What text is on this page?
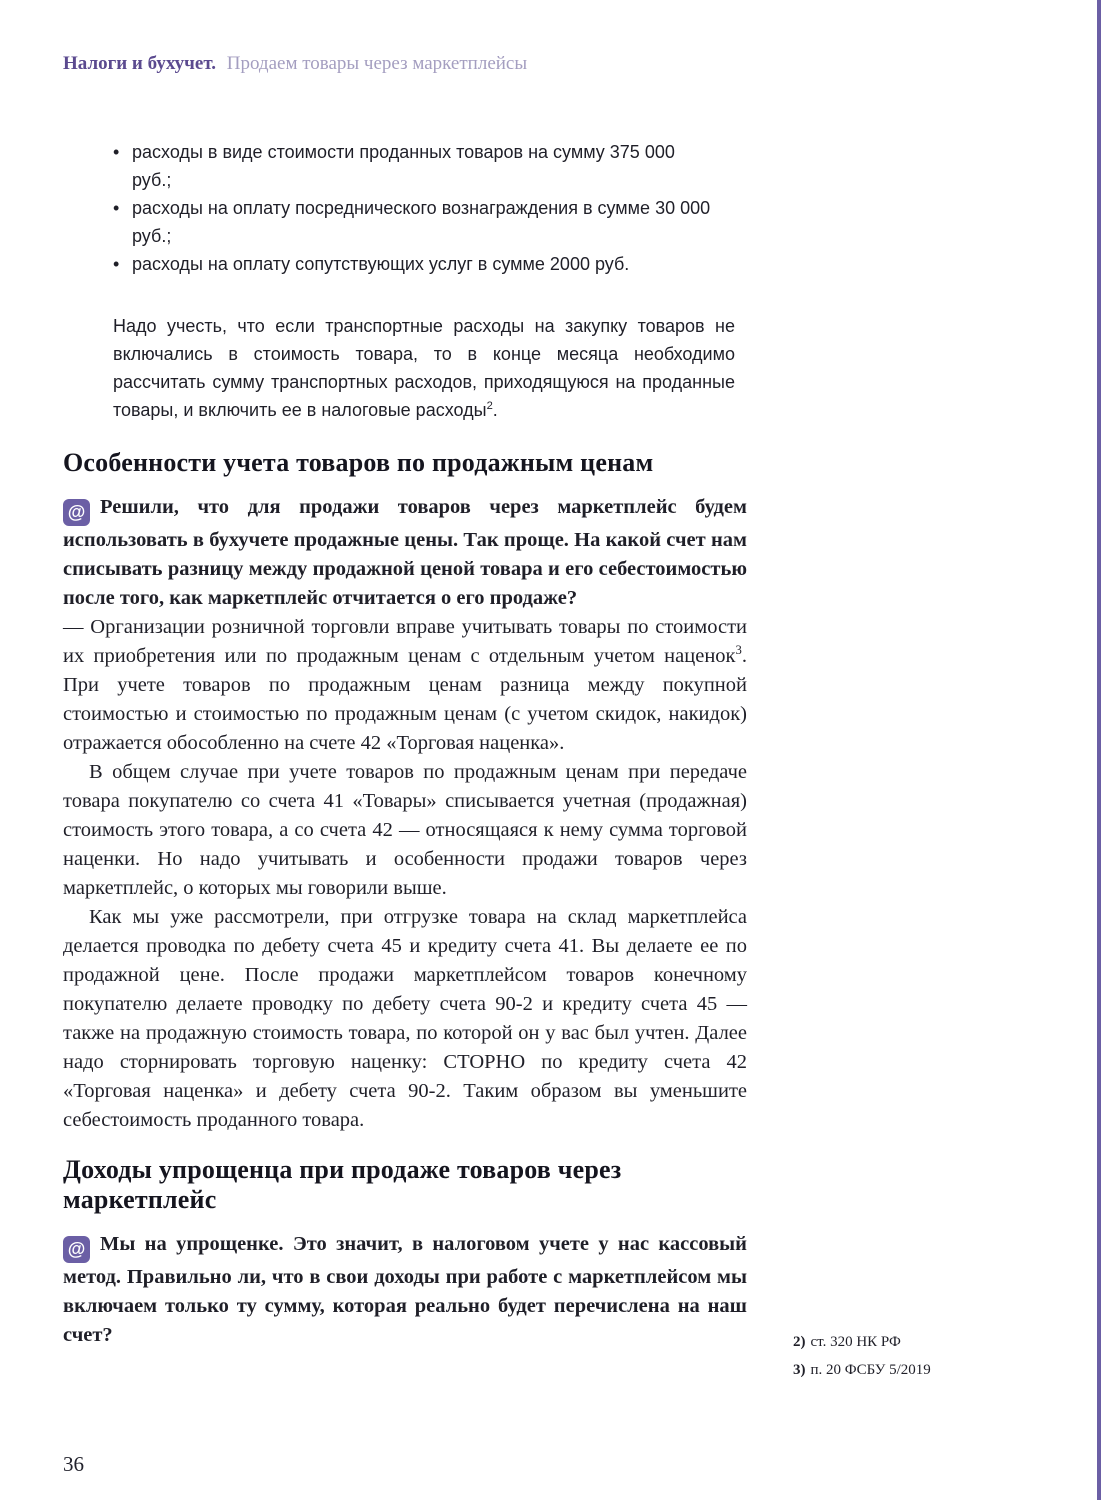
Налоги и бухучет. Продаем товары через маркетплейсы
• расходы в виде стоимости проданных товаров на сумму 375 000 руб.;
• расходы на оплату посреднического вознаграждения в сумме 30 000 руб.;
• расходы на оплату сопутствующих услуг в сумме 2000 руб.

Надо учесть, что если транспортные расходы на закупку товаров не включались в стоимость товара, то в конце месяца необходимо рассчитать сумму транспортных расходов, приходящуюся на проданные товары, и включить ее в налоговые расходы$^2$.

Особенности учета товаров по продажным ценам

@ Решили, что для продажи товаров через маркетплейс будем использовать в бухучете продажные цены. Так проще. На какой счет нам списывать разницу между продажной ценой товара и его себестоимостью после того, как маркетплейс отчитается о его продаже?

— Организации розничной торговли вправе учитывать товары по стоимости их приобретения или по продажным ценам с отдельным учетом наценок$^3$. При учете товаров по продажным ценам разница между покупной стоимостью и стоимостью по продажным ценам (с учетом скидок, накидок) отражается обособленно на счете 42 «Торговая наценка».

В общем случае при учете товаров по продажным ценам при передаче товара покупателю со счета 41 «Товары» списывается учетная (продажная) стоимость этого товара, а со счета 42 — относящаяся к нему сумма торговой наценки. Но надо учитывать и особенности продажи товаров через маркетплейс, о которых мы говорили выше.

Как мы уже рассмотрели, при отгрузке товара на склад маркетплейса делается проводка по дебету счета 45 и кредиту счета 41. Вы делаете ее по продажной цене. После продажи маркетплейсом товаров конечному покупателю делаете проводку по дебету счета 90-2 и кредиту счета 45 — также на продажную стоимость товара, по которой он у вас был учтен. Далее надо сторнировать торговую наценку: СТОРНО по кредиту счета 42 «Торговая наценка» и дебету счета 90-2. Таким образом вы уменьшите себестоимость проданного товара.

Доходы упрощенца при продаже товаров через маркетплейс

@ Мы на упрощенке. Это значит, в налоговом учете у нас кассовый метод. Правильно ли, что в свои доходы при работе с маркетплейсом мы включаем только ту сумму, которая реально будет перечислена на наш счет?	2) ст. 320 НК РФ
3) п. 20 ФСБУ 5/2019
36
